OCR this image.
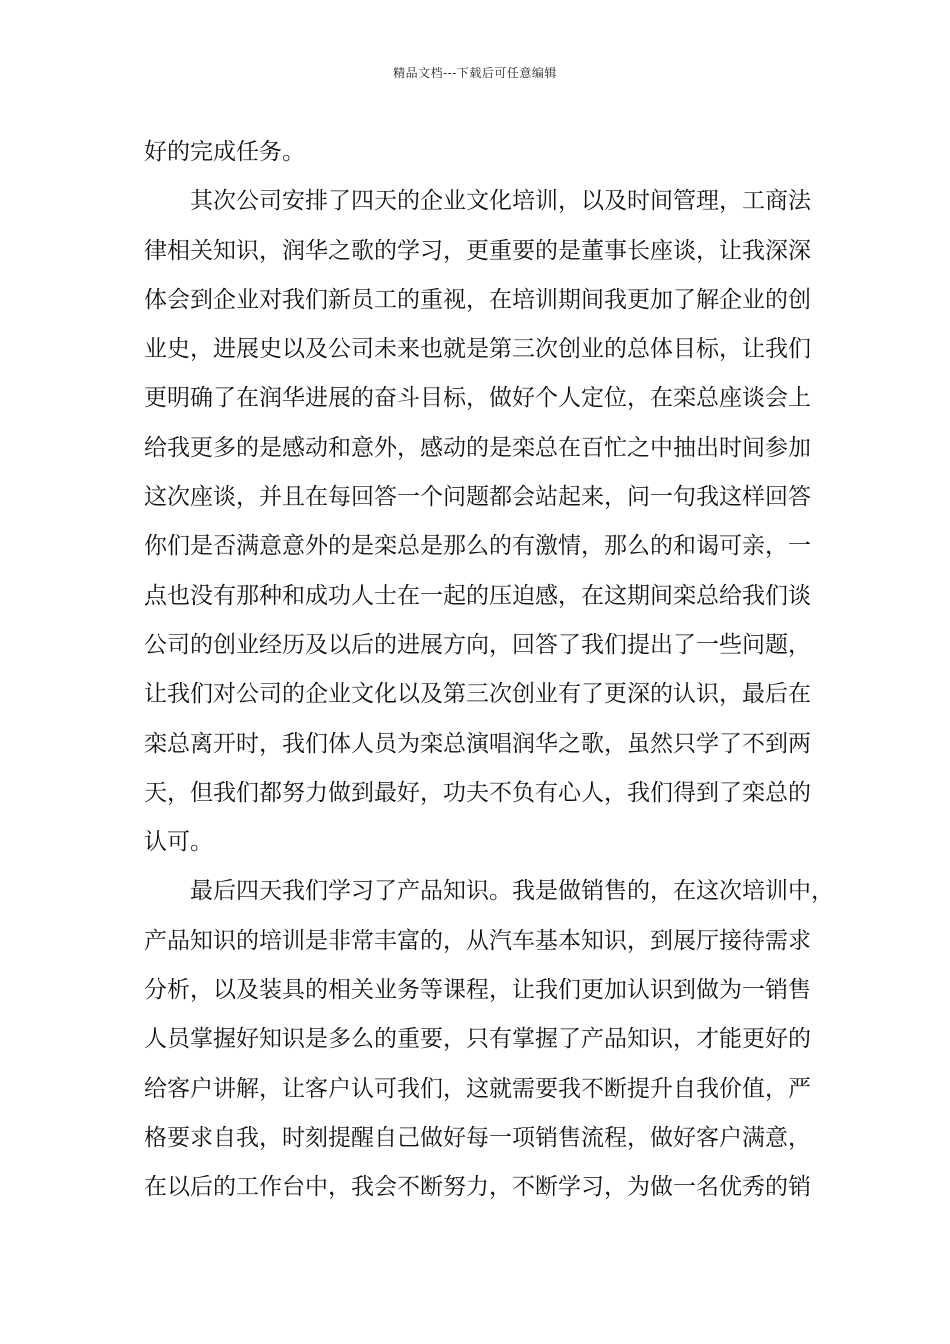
精品文档---下载后可任意编辑
好的完成任务。
其次公司安排了四天的企业文化培训，以及时间管理，工商法
律相关知识，润华之歌的学习，更重要的是董事长座谈，让我深深
体会到企业对我们新员工的重视，在培训期间我更加了解企业的创
业史，进展史以及公司未来也就是第三次创业的总体目标，让我们
更明确了在润华进展的奋斗目标，做好个人定位，在栾总座谈会上
给我更多的是感动和意外，感动的是栾总在百忙之中抽出时间参加
这次座谈，并且在每回答一个问题都会站起来，问一句我这样回答
你们是否满意意外的是栾总是那么的有激情，那么的和谒可亲，一
点也没有那种和成功人士在一起的压迫感，在这期间栾总给我们谈
公司的创业经历及以后的进展方向，回答了我们提出了一些问题，
让我们对公司的企业文化以及第三次创业有了更深的认识，最后在
栾总离开时，我们体人员为栾总演唱润华之歌，虽然只学了不到两
天，但我们都努力做到最好，功夫不负有心人，我们得到了栾总的
认可。
最后四天我们学习了产品知识。我是做销售的，在这次培训中，
产品知识的培训是非常丰富的，从汽车基本知识，到展厅接待需求
分析，以及装具的相关业务等课程，让我们更加认识到做为一销售
人员掌握好知识是多么的重要，只有掌握了产品知识，才能更好的
给客户讲解，让客户认可我们，这就需要我不断提升自我价值，严
格要求自我，时刻提醒自己做好每一项销售流程，做好客户满意，
在以后的工作台中，我会不断努力，不断学习，为做一名优秀的销
